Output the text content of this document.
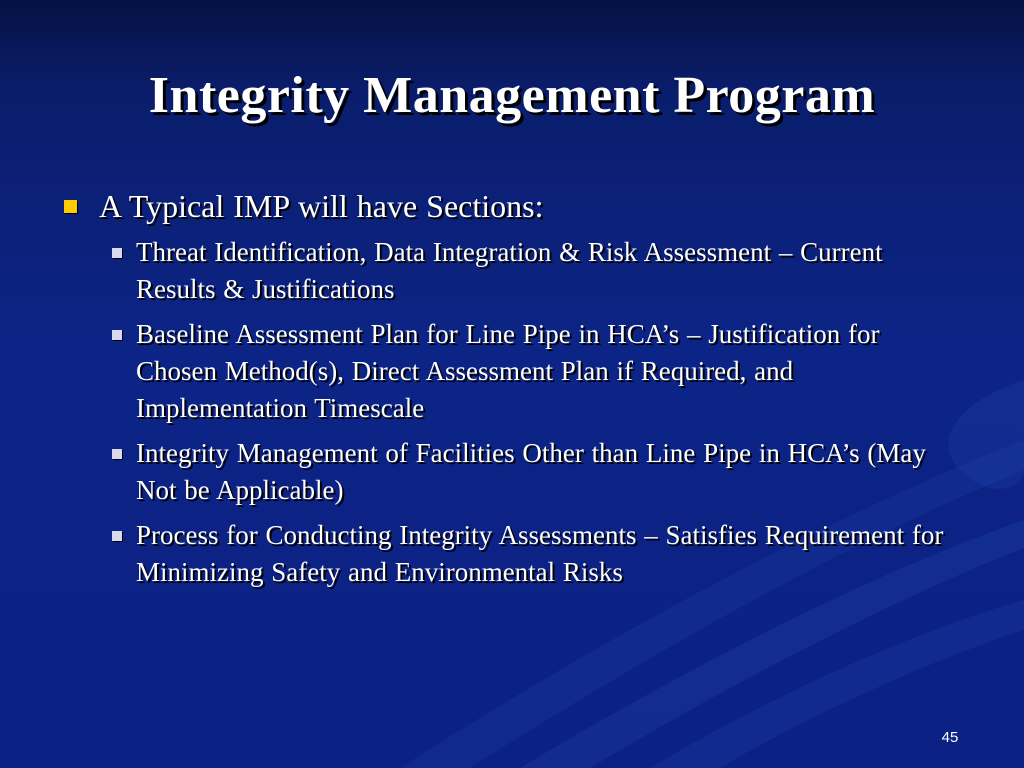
Integrity Management Program
A Typical IMP will have Sections:
Threat Identification, Data Integration & Risk Assessment – Current Results & Justifications
Baseline Assessment Plan for Line Pipe in HCA’s – Justification for Chosen Method(s), Direct Assessment Plan if Required, and Implementation Timescale
Integrity Management of Facilities Other than Line Pipe in HCA’s (May Not be Applicable)
Process for Conducting Integrity Assessments – Satisfies Requirement for Minimizing Safety and Environmental Risks
45
